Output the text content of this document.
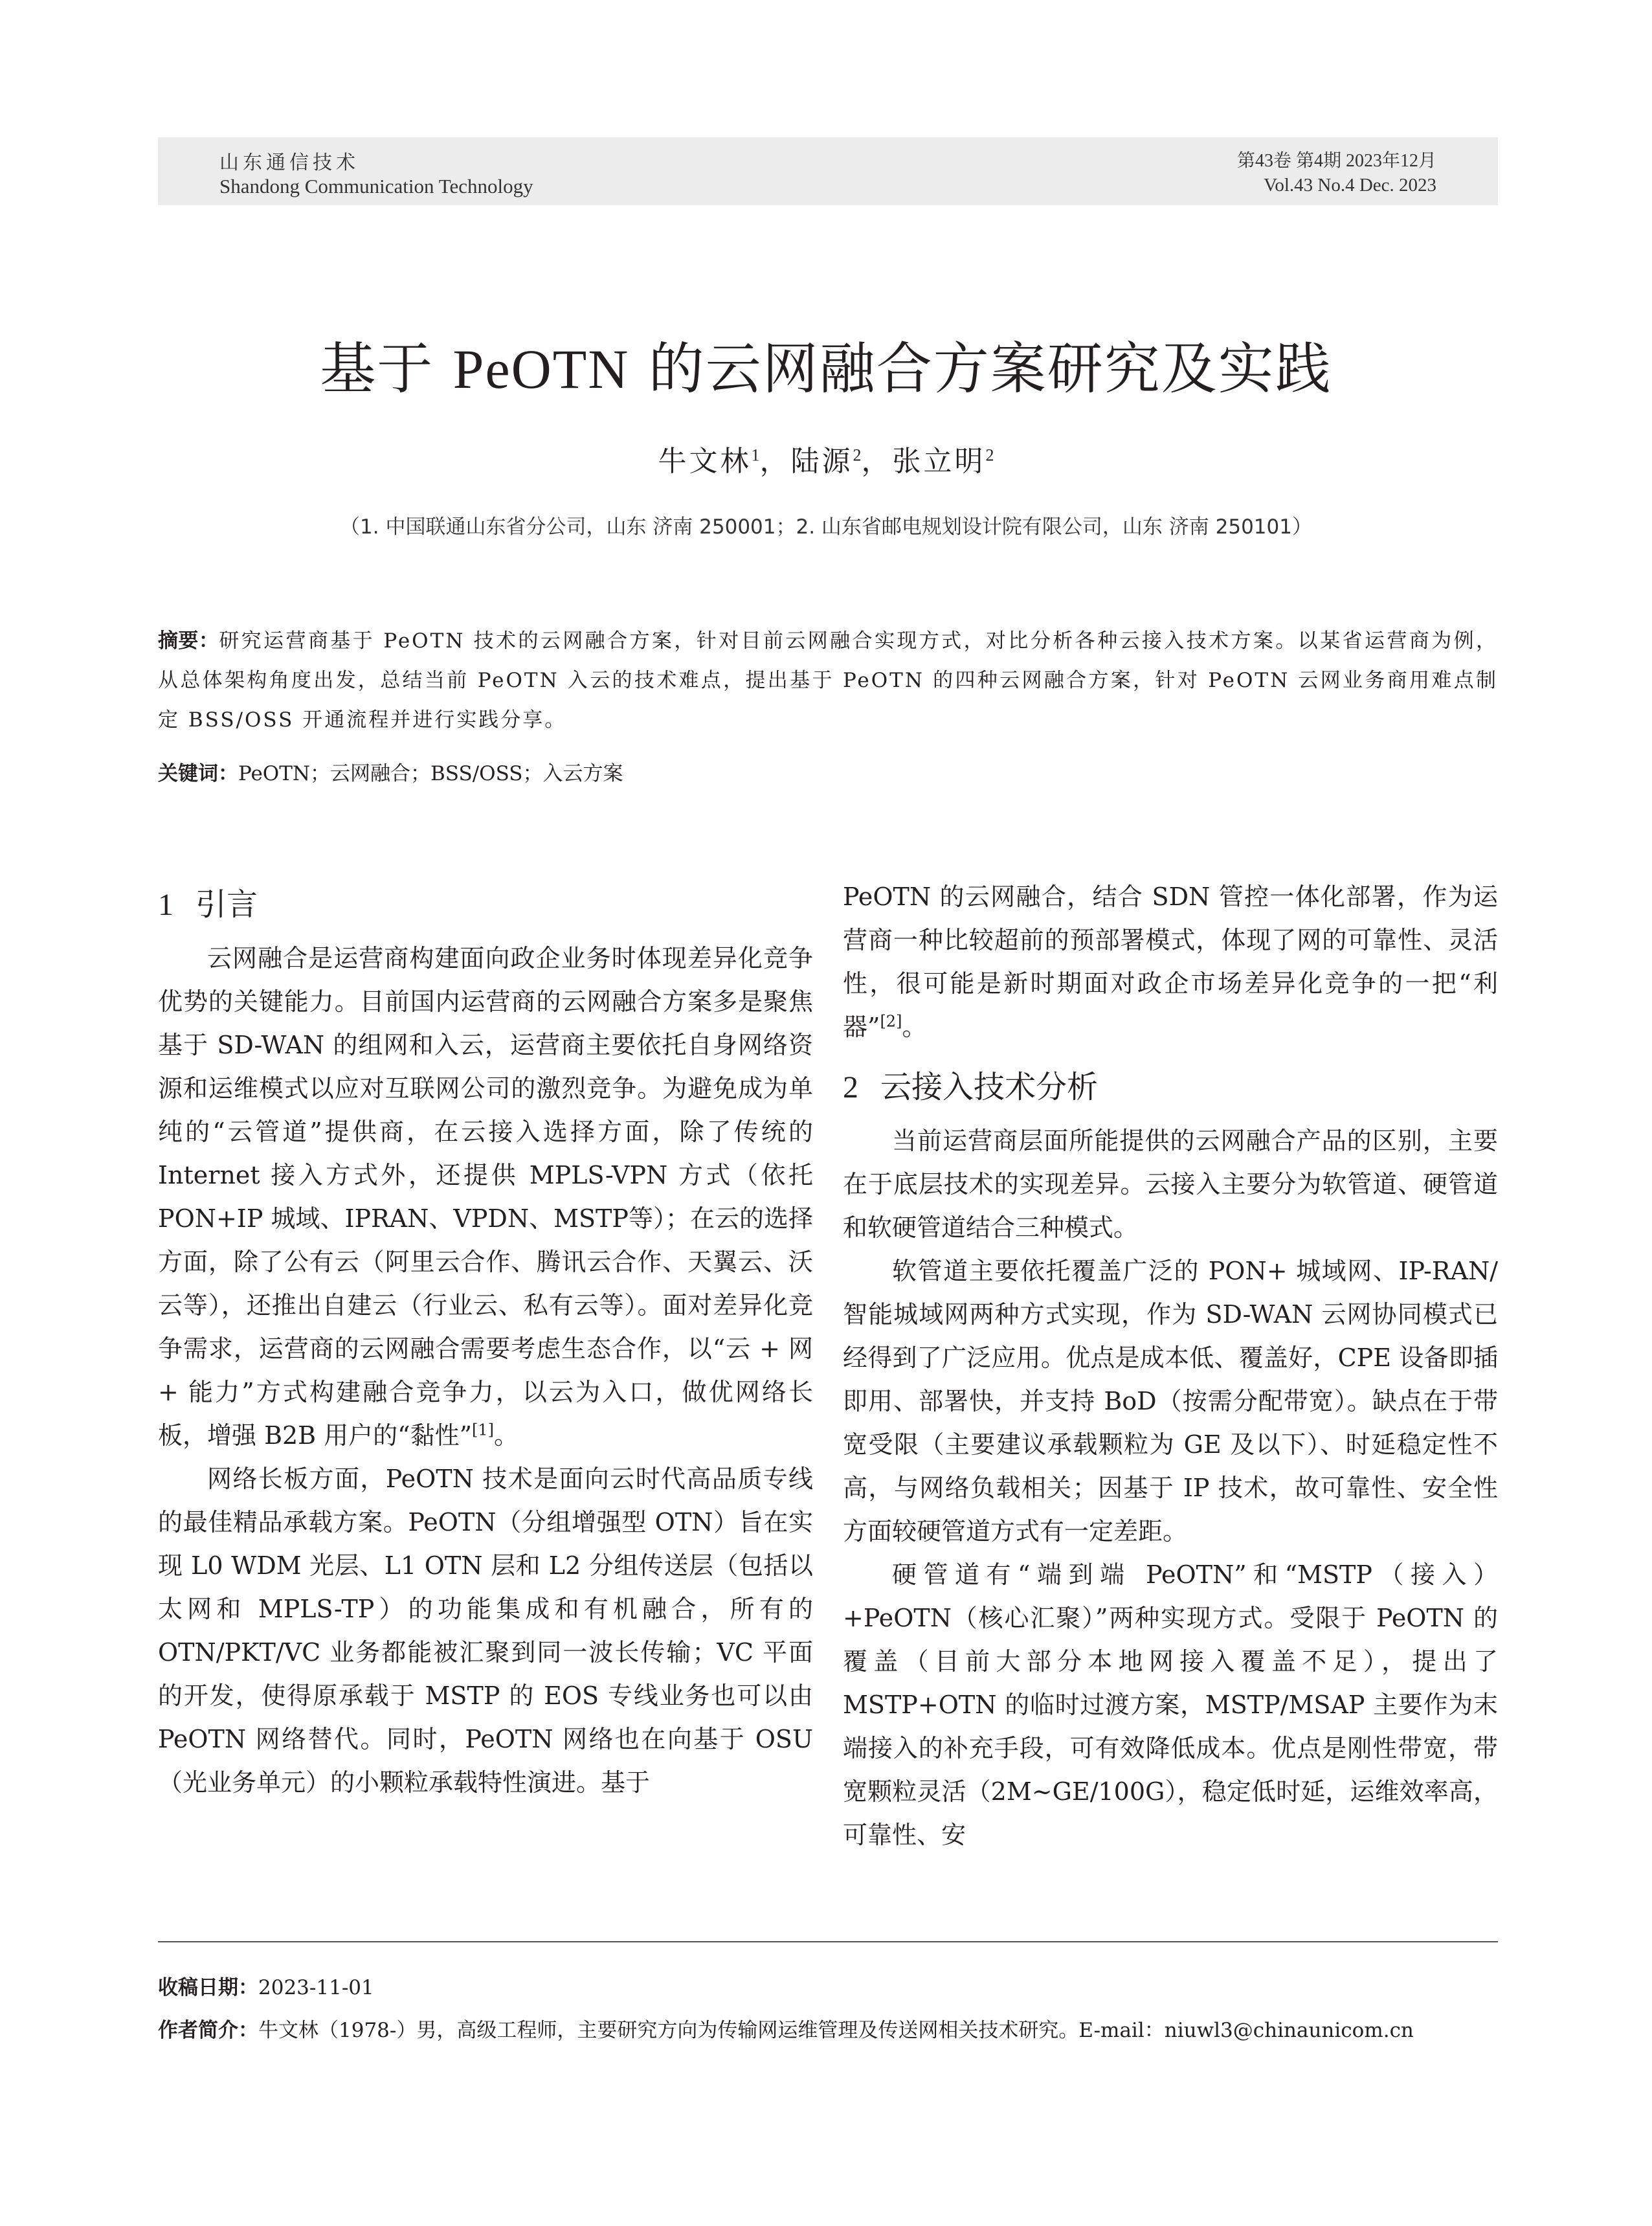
山东通信技术
Shandong Communication Technology
第43卷 第4期 2023年12月
Vol.43 No.4 Dec. 2023
基于 PeOTN 的云网融合方案研究及实践
牛文林$^1$，陆源$^2$，张立明$^2$
（1. 中国联通山东省分公司，山东 济南 250001；2. 山东省邮电规划设计院有限公司，山东 济南 250101）
摘要：研究运营商基于 PeOTN 技术的云网融合方案，针对目前云网融合实现方式，对比分析各种云接入技术方案。以某省运营商为例，从总体架构角度出发，总结当前 PeOTN 入云的技术难点，提出基于 PeOTN 的四种云网融合方案，针对 PeOTN 云网业务商用难点制定 BSS/OSS 开通流程并进行实践分享。
关键词：PeOTN；云网融合；BSS/OSS；入云方案
1 引言

云网融合是运营商构建面向政企业务时体现差异化竞争优势的关键能力。目前国内运营商的云网融合方案多是聚焦基于 SD-WAN 的组网和入云，运营商主要依托自身网络资源和运维模式以应对互联网公司的激烈竞争。为避免成为单纯的“云管道”提供商，在云接入选择方面，除了传统的 Internet 接入方式外，还提供 MPLS-VPN 方式（依托 PON+IP 城域、IPRAN、VPDN、MSTP等）；在云的选择方面，除了公有云（阿里云合作、腾讯云合作、天翼云、沃云等），还推出自建云（行业云、私有云等）。面对差异化竞争需求，运营商的云网融合需要考虑生态合作，以“云 + 网 + 能力”方式构建融合竞争力，以云为入口，做优网络长板，增强 B2B 用户的“黏性”[1]。

网络长板方面，PeOTN 技术是面向云时代高品质专线的最佳精品承载方案。PeOTN（分组增强型 OTN）旨在实现 L0 WDM 光层、L1 OTN 层和 L2 分组传送层（包括以太网和 MPLS-TP）的功能集成和有机融合，所有的 OTN/PKT/VC 业务都能被汇聚到同一波长传输；VC 平面的开发，使得原承载于 MSTP 的 EOS 专线业务也可以由 PeOTN 网络替代。同时，PeOTN 网络也在向基于 OSU（光业务单元）的小颗粒承载特性演进。基于

PeOTN 的云网融合，结合 SDN 管控一体化部署，作为运营商一种比较超前的预部署模式，体现了网的可靠性、灵活性，很可能是新时期面对政企市场差异化竞争的一把“利器”[2]。

2 云接入技术分析

当前运营商层面所能提供的云网融合产品的区别，主要在于底层技术的实现差异。云接入主要分为软管道、硬管道和软硬管道结合三种模式。

软管道主要依托覆盖广泛的 PON+ 城域网、IP-RAN/ 智能城域网两种方式实现，作为 SD-WAN 云网协同模式已经得到了广泛应用。优点是成本低、覆盖好，CPE 设备即插即用、部署快，并支持 BoD（按需分配带宽）。缺点在于带宽受限（主要建议承载颗粒为 GE 及以下）、时延稳定性不高，与网络负载相关；因基于 IP 技术，故可靠性、安全性方面较硬管道方式有一定差距。

硬管道有“端到端 PeOTN”和“MSTP（接入）+PeOTN（核心汇聚）”两种实现方式。受限于 PeOTN 的覆盖（目前大部分本地网接入覆盖不足），提出了 MSTP+OTN 的临时过渡方案，MSTP/MSAP 主要作为末端接入的补充手段，可有效降低成本。优点是刚性带宽，带宽颗粒灵活（2M~GE/100G），稳定低时延，运维效率高，可靠性、安

收稿日期：2023-11-01
作者简介：牛文林（1978-）男，高级工程师，主要研究方向为传输网运维管理及传送网相关技术研究。E-mail：niuwl3@chinaunicom.cn
